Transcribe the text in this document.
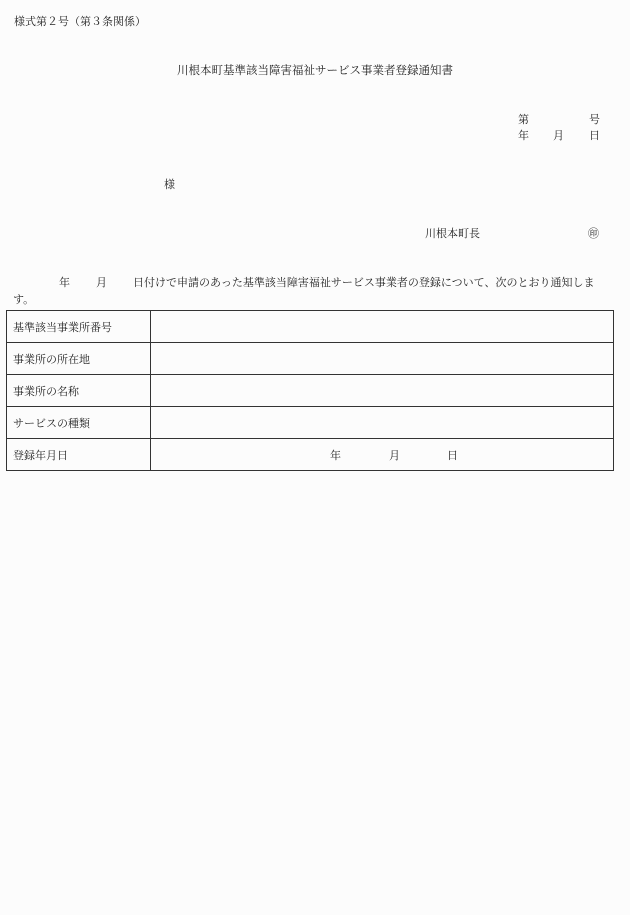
様式第２号（第３条関係）
川根本町基準該当障害福祉サービス事業者登録通知書
第	号
年 月 日
様
川根本町長	㊞
年 月 日付けで申請のあった基準該当障害福祉サービス事業者の登録について、次のとおり通知します。
基準該当事業所番号	
事業所の所在地	
事業所の名称	
サービスの種類	
登録年月日	年 月 日
